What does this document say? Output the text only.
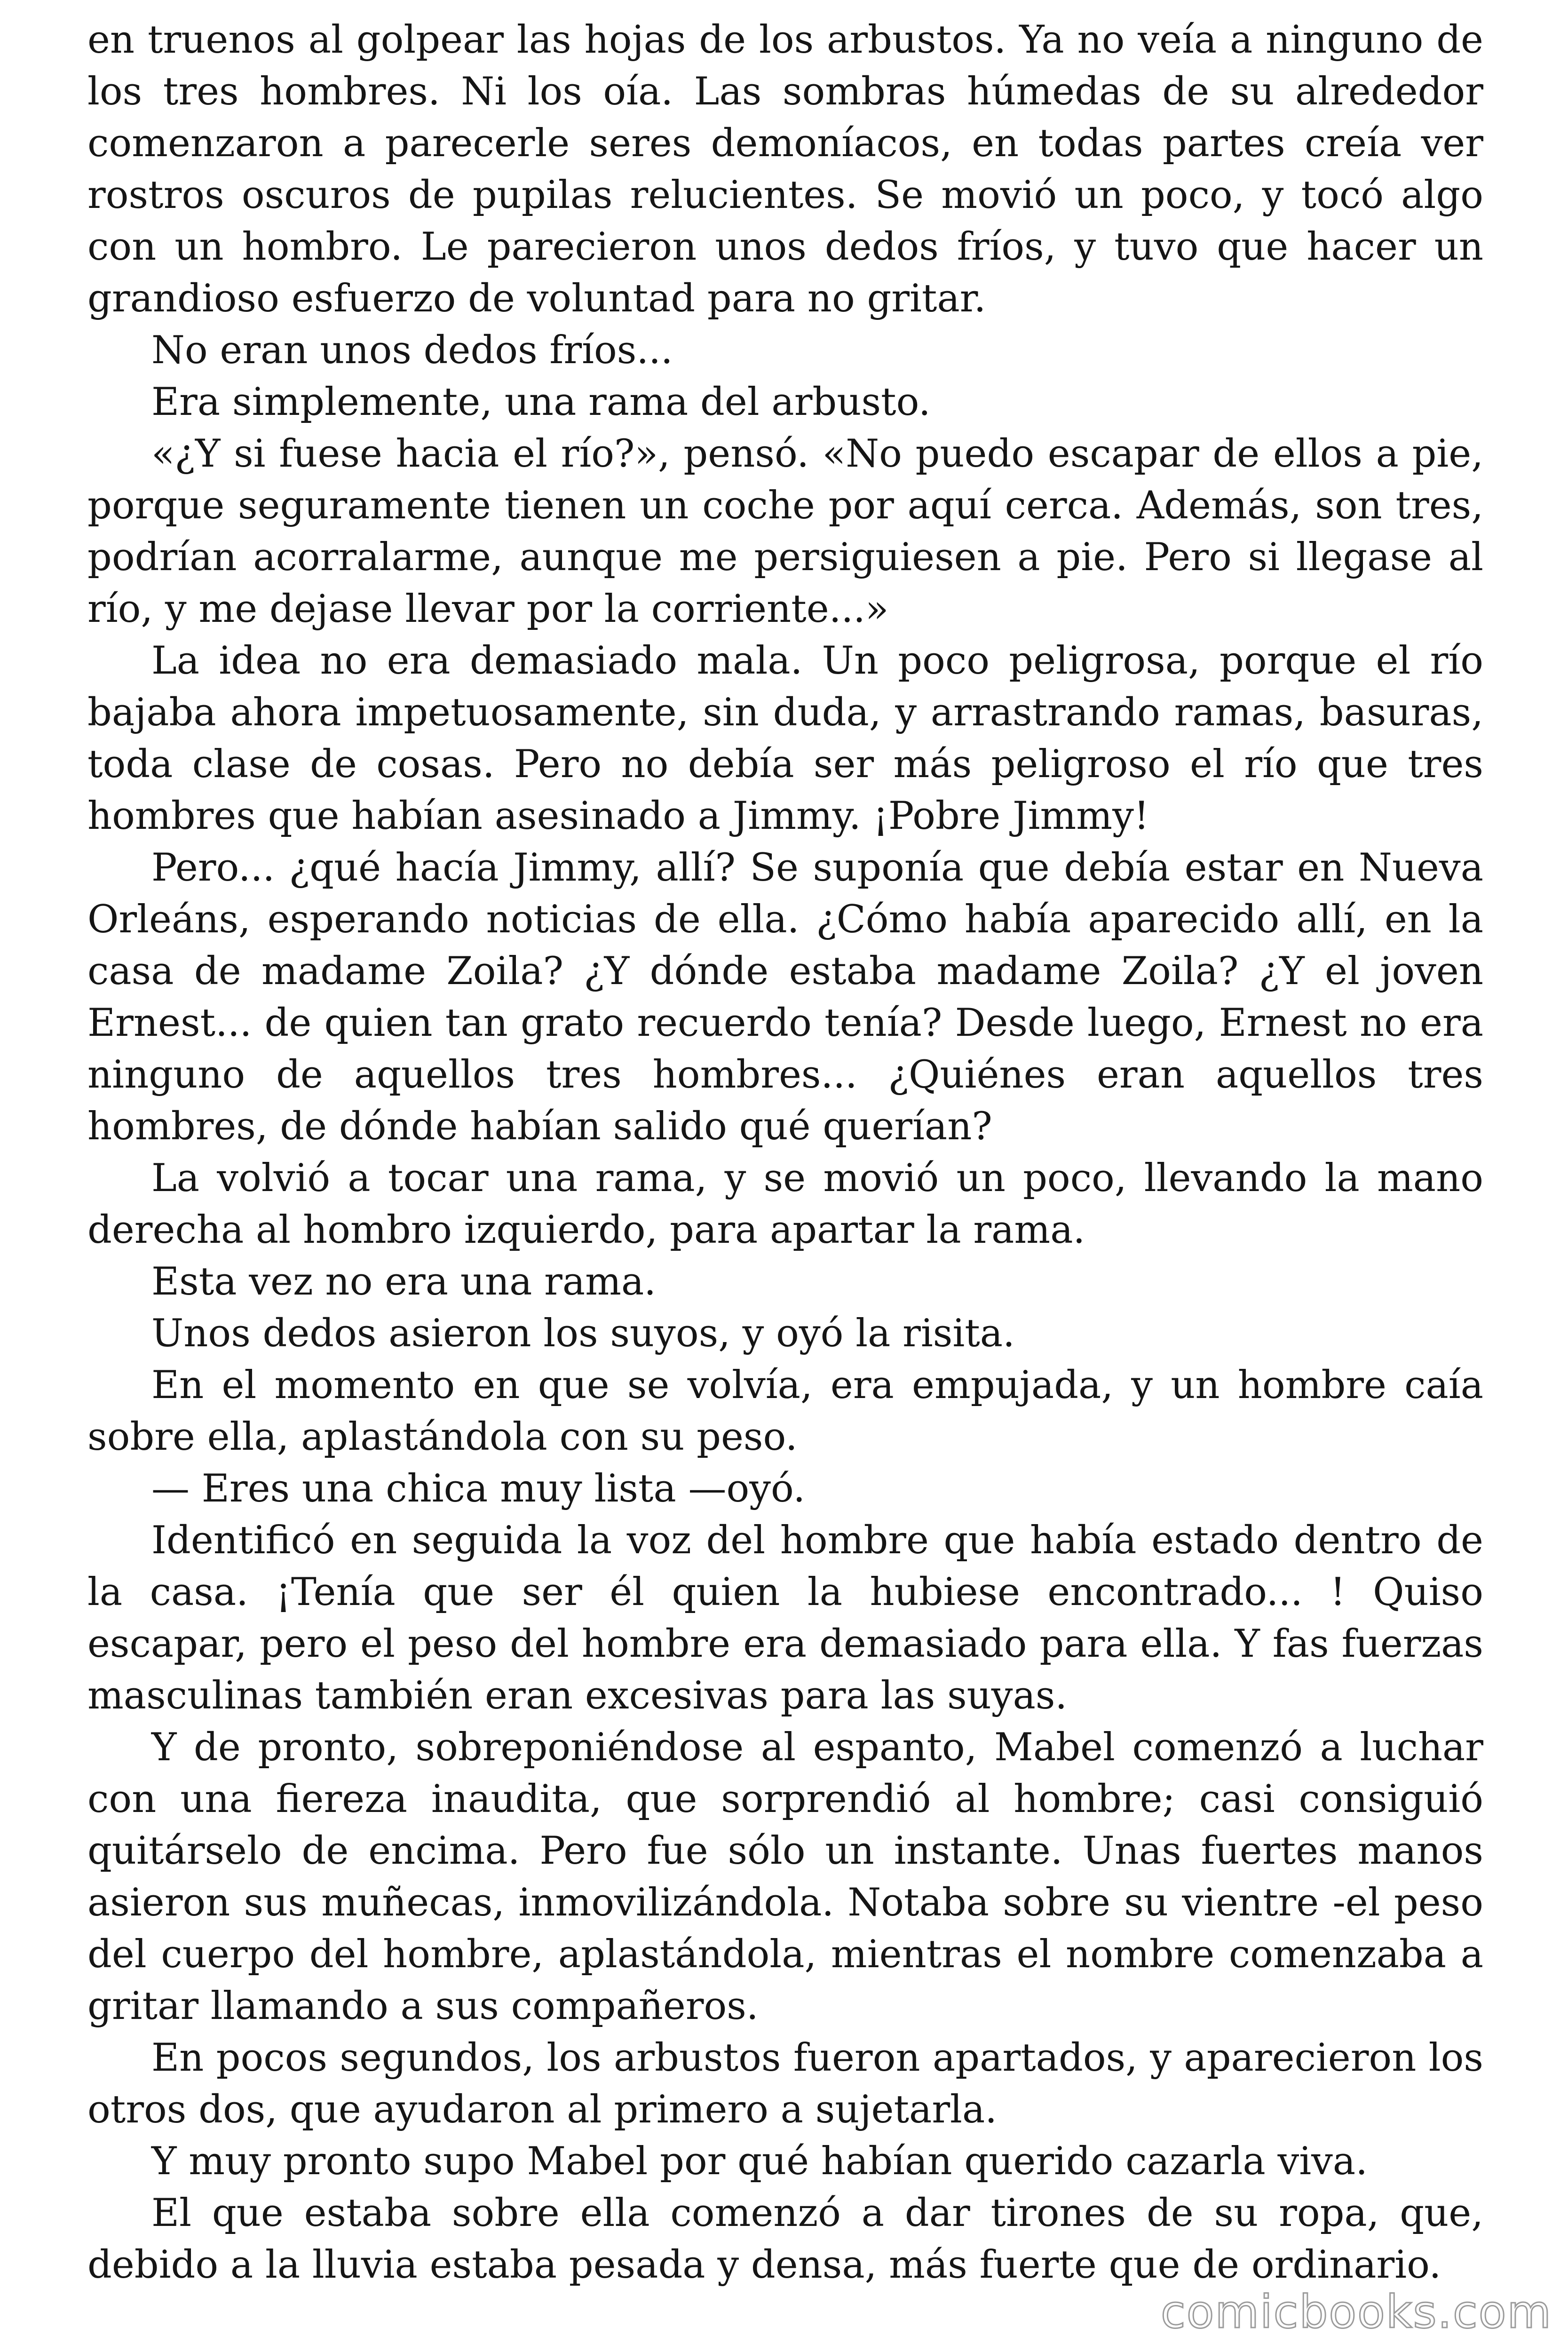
en truenos al golpear las hojas de los arbustos. Ya no veía a ninguno de los tres hombres. Ni los oía. Las sombras húmedas de su alrededor comenzaron a parecerle seres demoníacos, en todas partes creía ver rostros oscuros de pupilas relucientes. Se movió un poco, y tocó algo con un hombro. Le parecieron unos dedos fríos, y tuvo que hacer un grandioso esfuerzo de voluntad para no gritar.

No eran unos dedos fríos...

Era simplemente, una rama del arbusto.

«¿Y si fuese hacia el río?», pensó. «No puedo escapar de ellos a pie, porque seguramente tienen un coche por aquí cerca. Además, son tres, podrían acorralarme, aunque me persiguiesen a pie. Pero si llegase al río, y me dejase llevar por la corriente...»

La idea no era demasiado mala. Un poco peligrosa, porque el río bajaba ahora impetuosamente, sin duda, y arrastrando ramas, basuras, toda clase de cosas. Pero no debía ser más peligroso el río que tres hombres que habían asesinado a Jimmy. ¡Pobre Jimmy!

Pero... ¿qué hacía Jimmy, allí? Se suponía que debía estar en Nueva Orleáns, esperando noticias de ella. ¿Cómo había aparecido allí, en la casa de madame Zoila? ¿Y dónde estaba madame Zoila? ¿Y el joven Ernest... de quien tan grato recuerdo tenía? Desde luego, Ernest no era ninguno de aquellos tres hombres... ¿Quiénes eran aquellos tres hombres, de dónde habían salido qué querían?

La volvió a tocar una rama, y se movió un poco, llevando la mano derecha al hombro izquierdo, para apartar la rama.

Esta vez no era una rama.

Unos dedos asieron los suyos, y oyó la risita.

En el momento en que se volvía, era empujada, y un hombre caía sobre ella, aplastándola con su peso.

— Eres una chica muy lista —oyó.

Identificó en seguida la voz del hombre que había estado dentro de la casa. ¡Tenía que ser él quien la hubiese encontrado... ! Quiso escapar, pero el peso del hombre era demasiado para ella. Y fas fuerzas masculinas también eran excesivas para las suyas.

Y de pronto, sobreponiéndose al espanto, Mabel comenzó a luchar con una fiereza inaudita, que sorprendió al hombre; casi consiguió quitárselo de encima. Pero fue sólo un instante. Unas fuertes manos asieron sus muñecas, inmovilizándola. Notaba sobre su vientre -el peso del cuerpo del hombre, aplastándola, mientras el nombre comenzaba a gritar llamando a sus compañeros.

En pocos segundos, los arbustos fueron apartados, y aparecieron los otros dos, que ayudaron al primero a sujetarla.

Y muy pronto supo Mabel por qué habían querido cazarla viva.

El que estaba sobre ella comenzó a dar tirones de su ropa, que, debido a la lluvia estaba pesada y densa, más fuerte que de ordinario.

comicbooks.com
